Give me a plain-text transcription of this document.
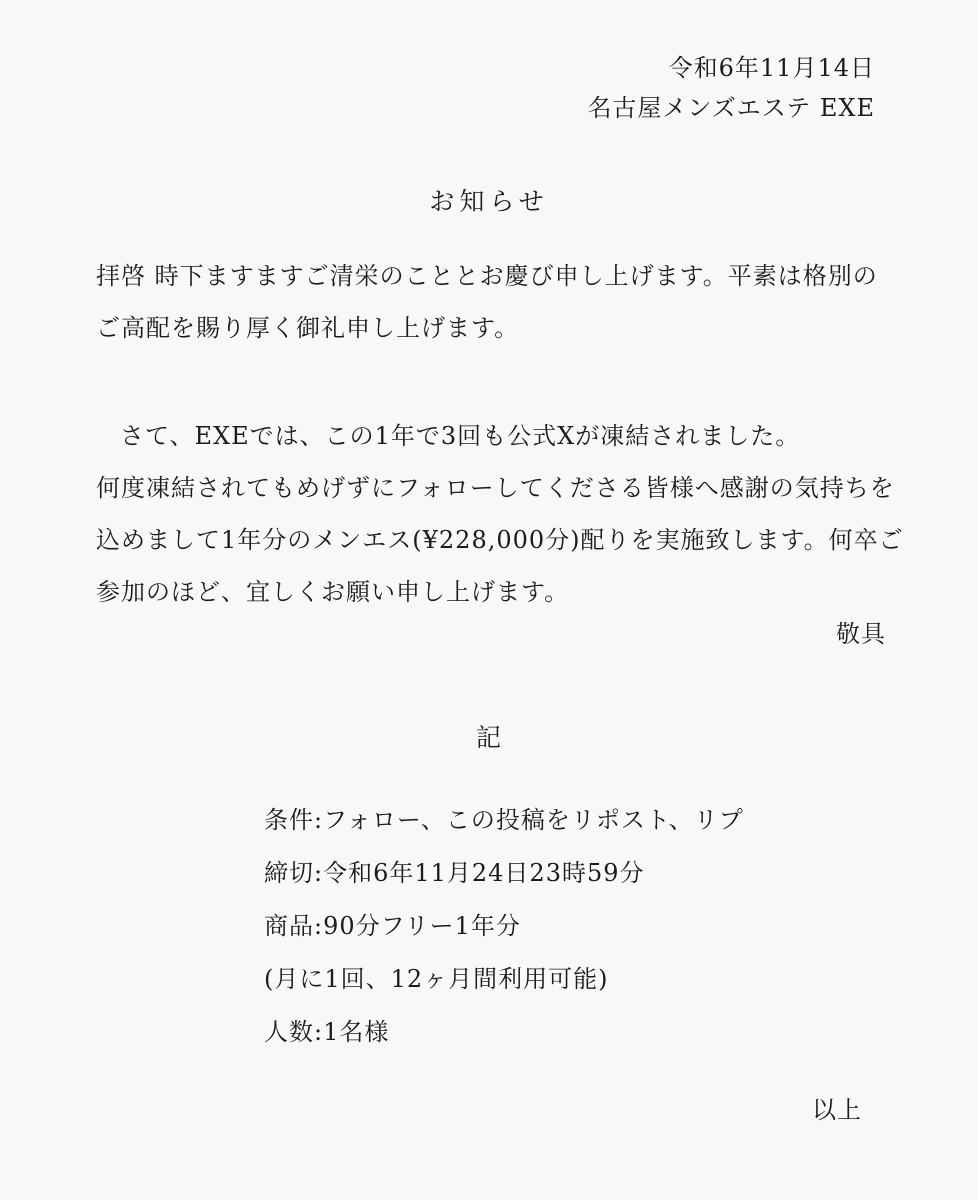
令和6年11月14日
名古屋メンズエステ EXE
お知らせ
拝啓 時下ますますご清栄のこととお慶び申し上げます。平素は格別の
ご高配を賜り厚く御礼申し上げます。
さて、EXEでは、この1年で3回も公式Xが凍結されました。
何度凍結されてもめげずにフォローしてくださる皆様へ感謝の気持ちを
込めまして1年分のメンエス(¥228,000分)配りを実施致します。何卒ご
参加のほど、宜しくお願い申し上げます。
敬具
記
条件:フォロー、この投稿をリポスト、リプ
締切:令和6年11月24日23時59分
商品:90分フリー1年分
(月に1回、12ヶ月間利用可能)
人数:1名様
以上
